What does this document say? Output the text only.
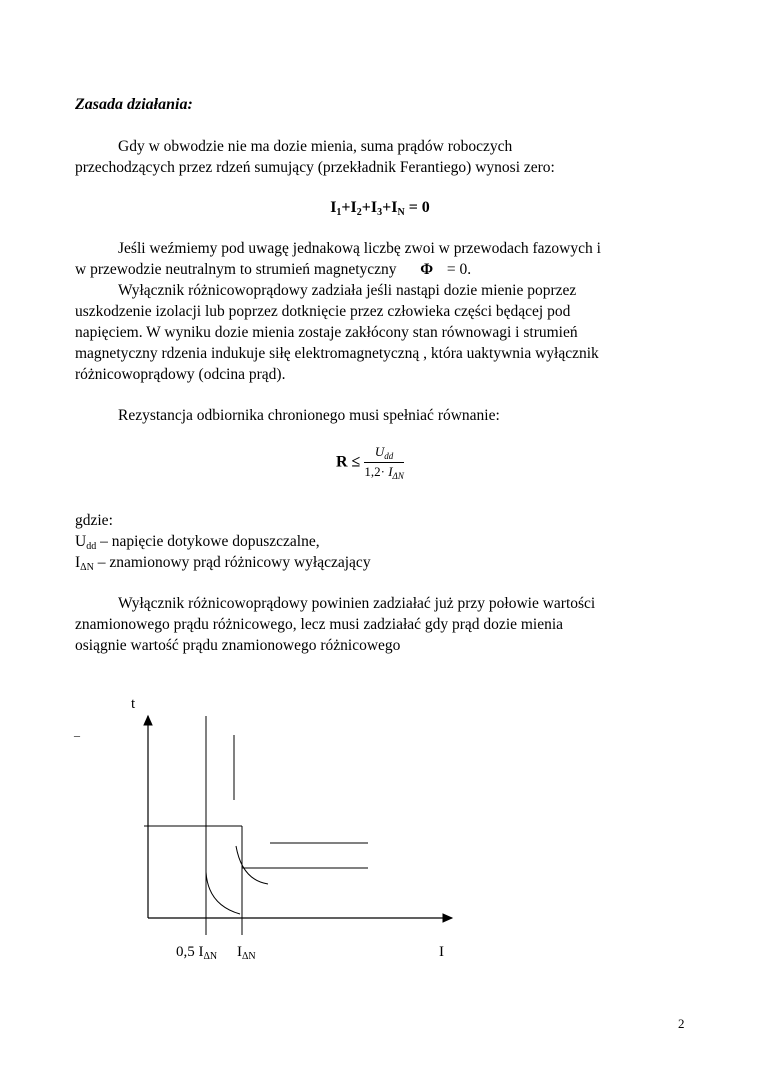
Zasada działania:
Gdy w obwodzie nie ma dozie mienia, suma prądów roboczych
przechodzących przez rdzeń sumujący (przekładnik Ferantiego) wynosi zero:
$I_1+I_2+I_3+I_N = 0$
Jeśli weźmiemy pod uwagę jednakową liczbę zwoi w przewodach fazowych i
w przewodzie neutralnym to strumień magnetyczny Φ = 0.
Wyłącznik różnicowoprądowy zadziała jeśli nastąpi dozie mienie poprzez
uszkodzenie izolacji lub poprzez dotknięcie przez człowieka części będącej pod
napięciem. W wyniku dozie mienia zostaje zakłócony stan równowagi i strumień
magnetyczny rdzenia indukuje siłę elektromagnetyczną , która uaktywnia wyłącznik
różnicowoprądowy (odcina prąd).
Rezystancja odbiornika chronionego musi spełniać równanie:
$R \le \frac{U_{dd}}{1,2\cdot I_{\Delta N}}$
gdzie:
$U_{dd}$ – napięcie dotykowe dopuszczalne,
$I_{\Delta N}$ – znamionowy prąd różnicowy wyłączający
Wyłącznik różnicowoprądowy powinien zadziałać już przy połowie wartości
znamionowego prądu różnicowego, lecz musi zadziałać gdy prąd dozie mienia
osiągnie wartość prądu znamionowego różnicowego
t
_
0,5 $I_{\Delta N}$ $I_{\Delta N}$	I
2
